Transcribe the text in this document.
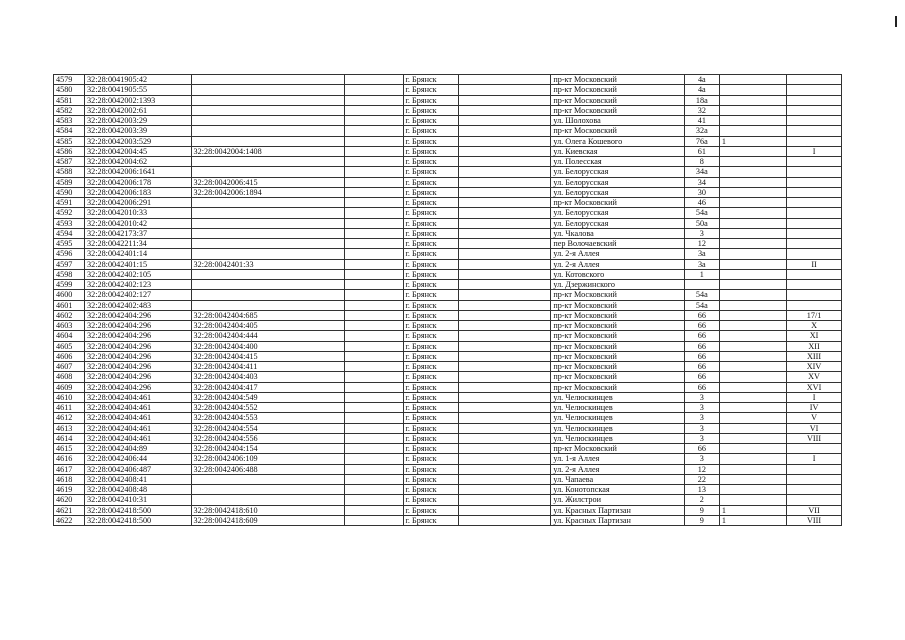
4579	32:28:0041905:42			г. Брянск		пр-кт Московский	4а		
4580	32:28:0041905:55			г. Брянск		пр-кт Московский	4а		
4581	32:28:0042002:1393			г. Брянск		пр-кт Московский	18а		
4582	32:28:0042002:61			г. Брянск		пр-кт Московский	32		
4583	32:28:0042003:29			г. Брянск		ул. Шолохова	41		
4584	32:28:0042003:39			г. Брянск		пр-кт Московский	32а		
4585	32:28:0042003:529			г. Брянск		ул. Олега Кошевого	76а	1	
4586	32:28:0042004:45	32:28:0042004:1408		г. Брянск		ул. Киевская	61		I
4587	32:28:0042004:62			г. Брянск		ул. Полесская	8		
4588	32:28:0042006:1641			г. Брянск		ул. Белорусская	34а		
4589	32:28:0042006:178	32:28:0042006:415		г. Брянск		ул. Белорусская	34		
4590	32:28:0042006:183	32:28:0042006:1894		г. Брянск		ул. Белорусская	30		
4591	32:28:0042006:291			г. Брянск		пр-кт Московский	46		
4592	32:28:0042010:33			г. Брянск		ул. Белорусская	54а		
4593	32:28:0042010:42			г. Брянск		ул. Белорусская	50а		
4594	32:28:0042173:37			г. Брянск		ул. Чкалова	3		
4595	32:28:0042211:34			г. Брянск		пер Волочаевский	12		
4596	32:28:0042401:14			г. Брянск		ул. 2-я Аллея	3а		
4597	32:28:0042401:15	32:28:0042401:33		г. Брянск		ул. 2-я Аллея	3а		II
4598	32:28:0042402:105			г. Брянск		ул. Котовского	1		
4599	32:28:0042402:123			г. Брянск		ул. Дзержинского			
4600	32:28:0042402:127			г. Брянск		пр-кт Московский	54а		
4601	32:28:0042402:483			г. Брянск		пр-кт Московский	54а		
4602	32:28:0042404:296	32:28:0042404:685		г. Брянск		пр-кт Московский	66		17/1
4603	32:28:0042404:296	32:28:0042404:405		г. Брянск		пр-кт Московский	66		X
4604	32:28:0042404:296	32:28:0042404:444		г. Брянск		пр-кт Московский	66		XI
4605	32:28:0042404:296	32:28:0042404:400		г. Брянск		пр-кт Московский	66		XII
4606	32:28:0042404:296	32:28:0042404:415		г. Брянск		пр-кт Московский	66		XIII
4607	32:28:0042404:296	32:28:0042404:411		г. Брянск		пр-кт Московский	66		XIV
4608	32:28:0042404:296	32:28:0042404:403		г. Брянск		пр-кт Московский	66		XV
4609	32:28:0042404:296	32:28:0042404:417		г. Брянск		пр-кт Московский	66		XVI
4610	32:28:0042404:461	32:28:0042404:549		г. Брянск		ул. Челюскинцев	3		I
4611	32:28:0042404:461	32:28:0042404:552		г. Брянск		ул. Челюскинцев	3		IV
4612	32:28:0042404:461	32:28:0042404:553		г. Брянск		ул. Челюскинцев	3		V
4613	32:28:0042404:461	32:28:0042404:554		г. Брянск		ул. Челюскинцев	3		VI
4614	32:28:0042404:461	32:28:0042404:556		г. Брянск		ул. Челюскинцев	3		VIII
4615	32:28:0042404:89	32:28:0042404:154		г. Брянск		пр-кт Московский	66		
4616	32:28:0042406:44	32:28:0042406:109		г. Брянск		ул. 1-я Аллея	3		I
4617	32:28:0042406:487	32:28:0042406:488		г. Брянск		ул. 2-я Аллея	12		
4618	32:28:0042408:41			г. Брянск		ул. Чапаева	22		
4619	32:28:0042408:48			г. Брянск		ул. Конотопская	13		
4620	32:28:0042410:31			г. Брянск		ул. Жилстрои	2		
4621	32:28:0042418:500	32:28:0042418:610		г. Брянск		ул. Красных Партизан	9	1	VII
4622	32:28:0042418:500	32:28:0042418:609		г. Брянск		ул. Красных Партизан	9	1	VIII
